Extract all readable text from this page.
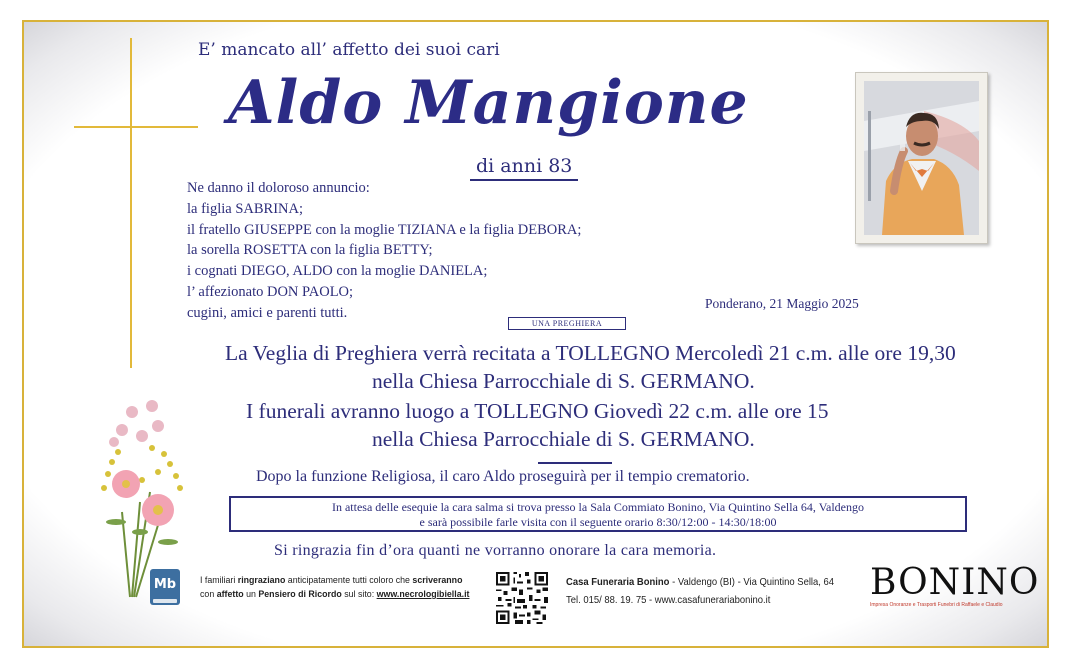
E’ mancato all’ affetto dei suoi cari
Aldo Mangione
di anni 83
Ne danno il doloroso annuncio:
la figlia SABRINA;
il fratello GIUSEPPE con la moglie TIZIANA e la figlia DEBORA;
la sorella ROSETTA con la figlia BETTY;
i cognati DIEGO, ALDO con la moglie DANIELA;
l’ affezionato DON PAOLO;
cugini, amici e parenti tutti.
Ponderano, 21 Maggio 2025
UNA PREGHIERA
La Veglia di Preghiera verrà recitata a TOLLEGNO Mercoledì 21 c.m. alle ore 19,30
nella Chiesa Parrocchiale di S. GERMANO.
I funerali avranno luogo a TOLLEGNO Giovedì 22 c.m. alle ore 15
nella Chiesa Parrocchiale di S. GERMANO.
Dopo la funzione Religiosa, il caro Aldo proseguirà per il tempio crematorio.
In attesa delle esequie la cara salma si trova presso la Sala Commiato Bonino, Via Quintino Sella 64, Valdengo
e sarà possibile farle visita con il seguente orario 8:30/12:00 - 14:30/18:00
Si ringrazia fin d’ora quanti ne vorranno onorare la cara memoria.
Mb	I familiari ringraziano anticipatamente tutti coloro che scriveranno
con affetto un Pensiero di Ricordo sul sito: www.necrologibiella.it
Casa Funeraria Bonino - Valdengo (BI) - Via Quintino Sella, 64
Tel. 015/ 88. 19. 75 - www.casafunerariabonino.it	BONINO
Impresa Onoranze e Trasporti Funebri di Raffaele e Claudio
